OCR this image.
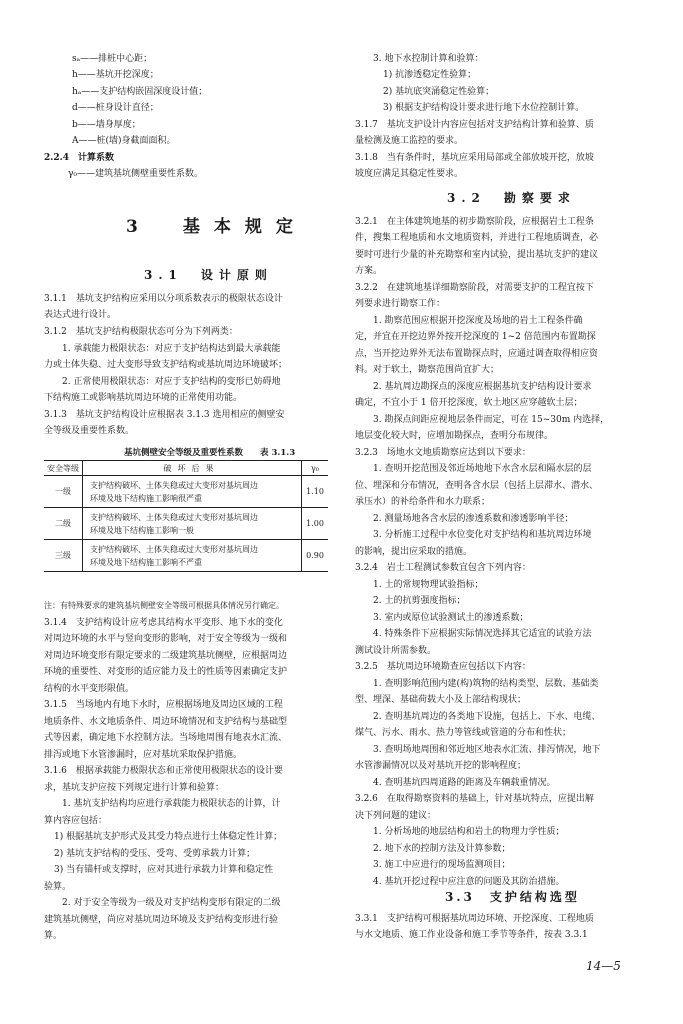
sₐ——排桩中心距；
h——基坑开挖深度；
hₐ——支护结构嵌固深度设计值；
d——桩身设计直径；
b——墙身厚度；
A——桩(墙)身截面面积。
2.2.4　计算系数
γ₀——建筑基坑侧壁重要性系数。
3　基本规定
3.1　设计原则
3.1.1　基坑支护结构应采用以分项系数表示的极限状态设计
表达式进行设计。
3.1.2　基坑支护结构极限状态可分为下列两类：
1. 承载能力极限状态：对应于支护结构达到最大承载能
力或土体失稳、过大变形导致支护结构或基坑周边环境破坏；
2. 正常使用极限状态：对应于支护结构的变形已妨碍地
下结构施工或影响基坑周边环境的正常使用功能。
3.1.3　基坑支护结构设计应根据表 3.1.3 选用相应的侧壁安
全等级及重要性系数。
基坑侧壁安全等级及重要性系数　　表 3.1.3
安全等级	破坏后果	γ₀
一级
支护结构破坏、土体失稳或过大变形对基坑周边
环境及地下结构施工影响很严重
1.10
二级
支护结构破坏、土体失稳或过大变形对基坑周边
环境及地下结构施工影响一般
1.00
三级
支护结构破坏、土体失稳或过大变形对基坑周边
环境及地下结构施工影响不严重
0.90
注：有特殊要求的建筑基坑侧壁安全等级可根据具体情况另行确定。
3.1.4　支护结构设计应考虑其结构水平变形、地下水的变化
对周边环境的水平与竖向变形的影响，对于安全等级为一级和
对周边环境变形有限定要求的二级建筑基坑侧壁，应根据周边
环境的重要性、对变形的适应能力及土的性质等因素确定支护
结构的水平变形限值。
3.1.5　当场地内有地下水时，应根据场地及周边区域的工程
地质条件、水文地质条件、周边环境情况和支护结构与基础型
式等因素，确定地下水控制方法。当场地周围有地表水汇流、
排泻或地下水管渗漏时，应对基坑采取保护措施。
3.1.6　根据承载能力极限状态和正常使用极限状态的设计要
求，基坑支护应按下列规定进行计算和验算：
1. 基坑支护结构均应进行承载能力极限状态的计算，计
算内容应包括：
1) 根据基坑支护形式及其受力特点进行土体稳定性计算；
2) 基坑支护结构的受压、受弯、受剪承载力计算；
3) 当有锚杆或支撑时，应对其进行承载力计算和稳定性
验算。
2. 对于安全等级为一级及对支护结构变形有限定的二级
建筑基坑侧壁，尚应对基坑周边环境及支护结构变形进行验
算。
3. 地下水控制计算和验算：
1) 抗渗透稳定性验算；
2) 基坑底突涌稳定性验算；
3) 根据支护结构设计要求进行地下水位控制计算。
3.1.7　基坑支护设计内容应包括对支护结构计算和验算、质
量检测及施工监控的要求。
3.1.8　当有条件时，基坑应采用局部或全部放坡开挖，放坡
坡度应满足其稳定性要求。
3.2　勘察要求
3.2.1　在主体建筑地基的初步勘察阶段，应根据岩土工程条
件，搜集工程地质和水文地质资料，并进行工程地质调查，必
要时可进行少量的补充勘察和室内试验，提出基坑支护的建议
方案。
3.2.2　在建筑地基详细勘察阶段，对需要支护的工程宜按下
列要求进行勘察工作：
1. 勘察范围应根据开挖深度及场地的岩土工程条件确
定，并宜在开挖边界外按开挖深度的 1~2 倍范围内布置勘探
点，当开挖边界外无法布置勘探点时，应通过调查取得相应资
料。对于软土，勘察范围尚宜扩大；
2. 基坑周边勘探点的深度应根据基坑支护结构设计要求
确定，不宜小于 1 倍开挖深度，软土地区应穿越软土层；
3. 勘探点间距应视地层条件而定，可在 15~30m 内选择，
地层变化较大时，应增加勘探点，查明分布规律。
3.2.3　场地水文地质勘察应达到以下要求：
1. 查明开挖范围及邻近场地地下水含水层和隔水层的层
位、埋深和分布情况，查明各含水层（包括上层滞水、潜水、
承压水）的补给条件和水力联系；
2. 测量场地各含水层的渗透系数和渗透影响半径；
3. 分析施工过程中水位变化对支护结构和基坑周边环境
的影响，提出应采取的措施。
3.2.4　岩土工程测试参数宜包含下列内容：
1. 土的常规物理试验指标；
2. 土的抗剪强度指标；
3. 室内或原位试验测试土的渗透系数；
4. 特殊条件下应根据实际情况选择其它适宜的试验方法
测试设计所需参数。
3.2.5　基坑周边环境勘查应包括以下内容：
1. 查明影响范围内建(构)筑物的结构类型、层数、基础类
型、埋深、基础荷载大小及上部结构现状；
2. 查明基坑周边的各类地下设施，包括上、下水、电缆、
煤气、污水、雨水、热力等管线或管道的分布和性状；
3. 查明场地周围和邻近地区地表水汇流、排泻情况，地下
水管渗漏情况以及对基坑开挖的影响程度；
4. 查明基坑四周道路的距离及车辆载重情况。
3.2.6　在取得勘察资料的基础上，针对基坑特点，应提出解
决下列问题的建议：
1. 分析场地的地层结构和岩土的物理力学性质；
2. 地下水的控制方法及计算参数；
3. 施工中应进行的现场监测项目；
4. 基坑开挖过程中应注意的问题及其防治措施。
3.3　支护结构选型
3.3.1　支护结构可根据基坑周边环境、开挖深度、工程地质
与水文地质、施工作业设备和施工季节等条件，按表 3.3.1
14—5
